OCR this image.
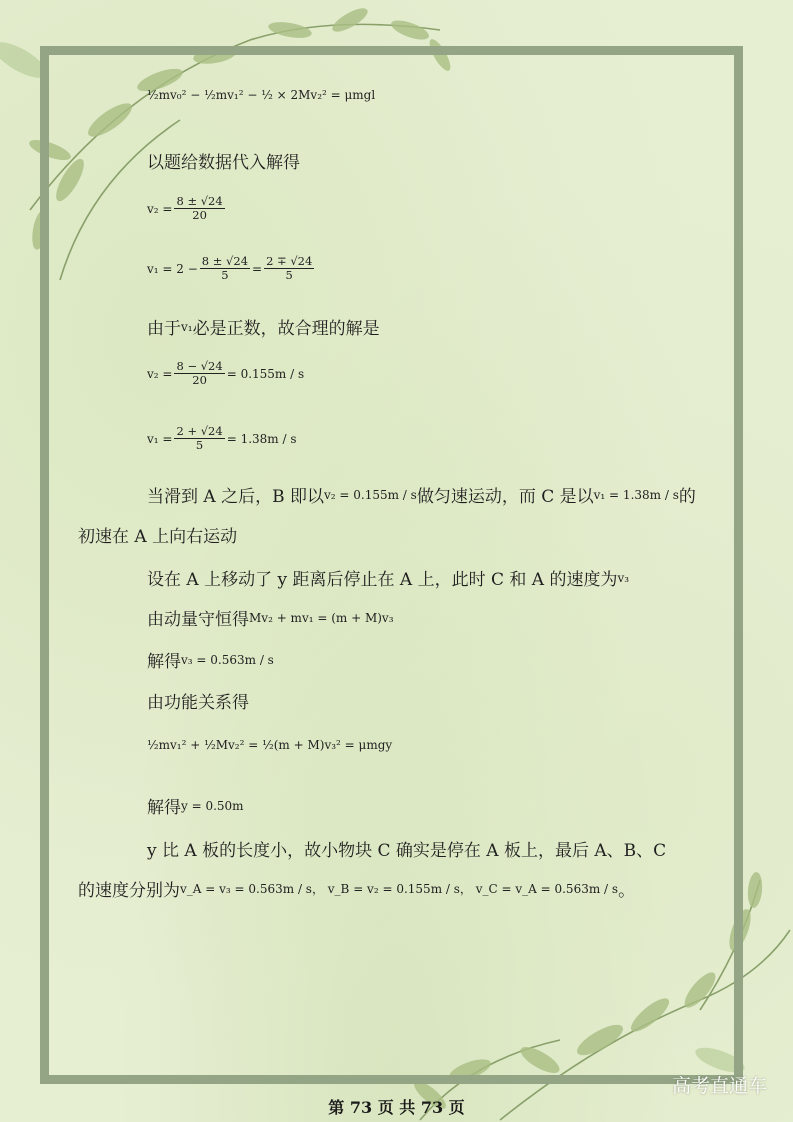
½mv₀² − ½mv₁² − ½ × 2Mv₂² = μmgl
以题给数据代入解得
$v_2 = \frac{8 \pm √24}{20}$
$v_1 = 2 - \frac{8 \pm √24}{5} = \frac{2 \mp √24}{5}$
由于v₁必是正数，故合理的解是
$v_2 = \frac{8 - √24}{20} = 0.155m / s$
$v_1 = \frac{2 + √24}{5} = 1.38m / s$
当滑到 A 之后，B 即以v₂ = 0.155m / s做匀速运动，而 C 是以v₁ = 1.38m / s的
初速在 A 上向右运动
设在 A 上移动了 y 距离后停止在 A 上，此时 C 和 A 的速度为v₃
由动量守恒得Mv₂ + mv₁ = (m + M)v₃
解得v₃ = 0.563m / s
由功能关系得
½mv₁² + ½Mv₂² = ½(m + M)v₃² = μmgy
解得y = 0.50m
y 比 A 板的长度小，故小物块 C 确实是停在 A 板上，最后 A、B、C
的速度分别为v_A = v₃ = 0.563m / s， v_B = v₂ = 0.155m / s， v_C = v_A = 0.563m / s。
第 73 页 共 73 页
高考直通车
